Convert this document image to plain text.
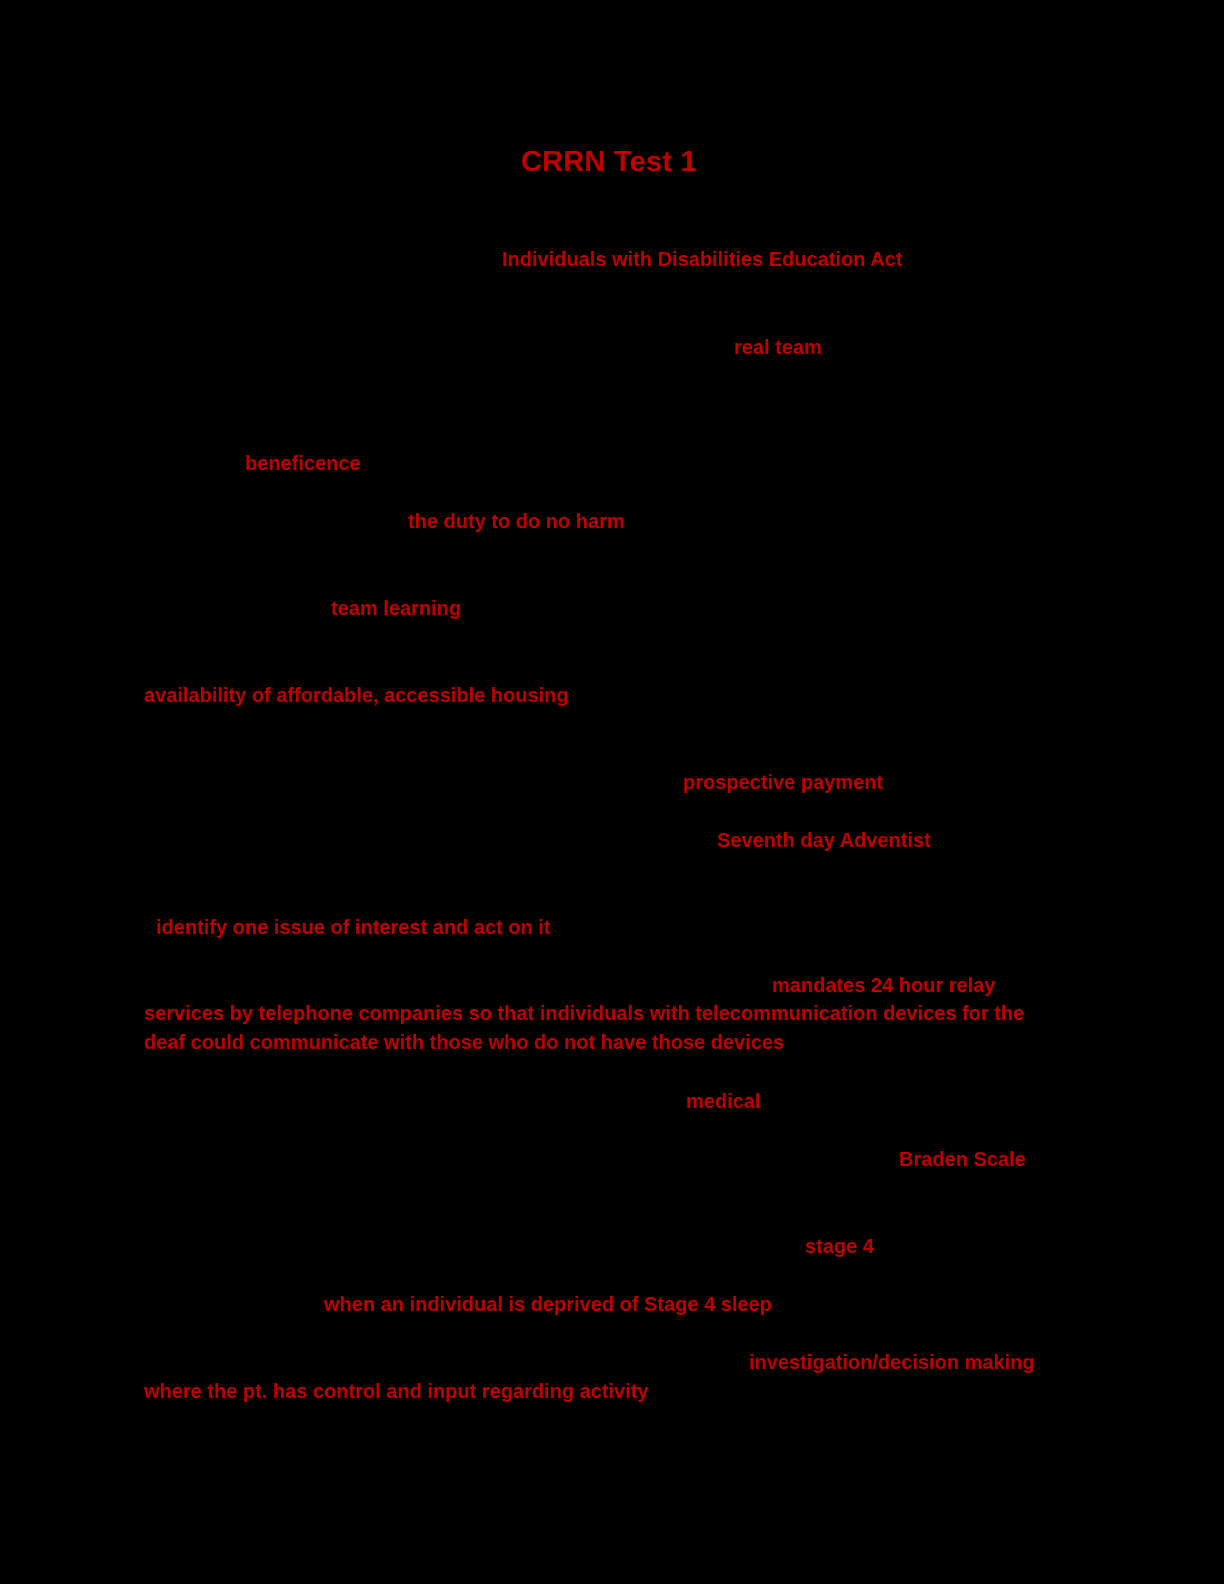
CRRN Test 1
Individuals with Disabilities Education Act
real team
beneficence
the duty to do no harm
team learning
availability of affordable, accessible housing
prospective payment
Seventh day Adventist
identify one issue of interest and act on it
mandates 24 hour relay
services by telephone companies so that individuals with telecommunication devices for the
deaf could communicate with those who do not have those devices
medical
Braden Scale
stage 4
when an individual is deprived of Stage 4 sleep
investigation/decision making
where the pt. has control and input regarding activity
